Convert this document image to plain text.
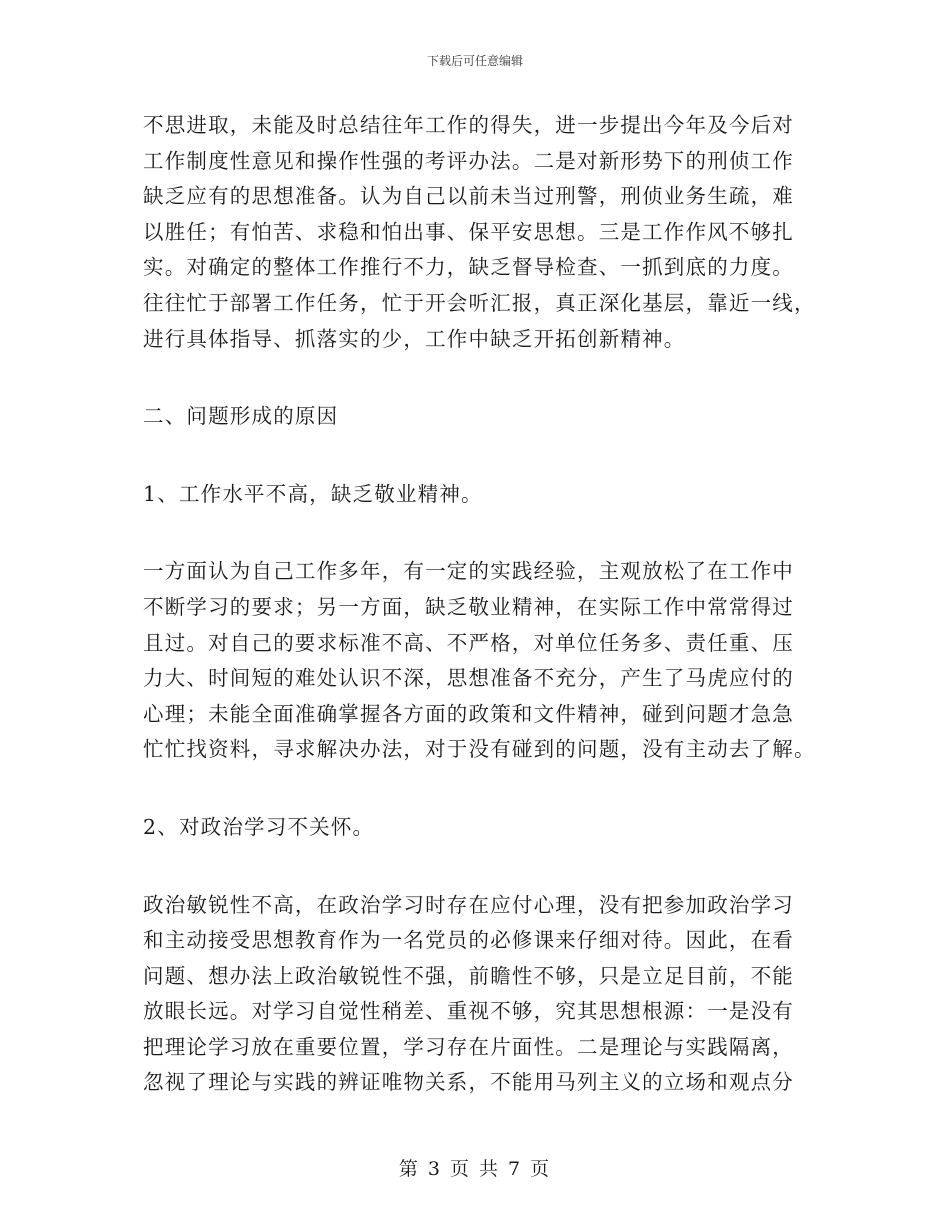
下载后可任意编辑
不思进取，未能及时总结往年工作的得失，进一步提出今年及今后对
工作制度性意见和操作性强的考评办法。二是对新形势下的刑侦工作
缺乏应有的思想准备。认为自己以前未当过刑警，刑侦业务生疏，难
以胜任；有怕苦、求稳和怕出事、保平安思想。三是工作作风不够扎
实。对确定的整体工作推行不力，缺乏督导检查、一抓到底的力度。
往往忙于部署工作任务，忙于开会听汇报，真正深化基层，靠近一线，
进行具体指导、抓落实的少，工作中缺乏开拓创新精神。
二、问题形成的原因
1、工作水平不高，缺乏敬业精神。
一方面认为自己工作多年，有一定的实践经验，主观放松了在工作中
不断学习的要求；另一方面，缺乏敬业精神，在实际工作中常常得过
且过。对自己的要求标准不高、不严格，对单位任务多、责任重、压
力大、时间短的难处认识不深，思想准备不充分，产生了马虎应付的
心理；未能全面准确掌握各方面的政策和文件精神，碰到问题才急急
忙忙找资料，寻求解决办法，对于没有碰到的问题，没有主动去了解。
2、对政治学习不关怀。
政治敏锐性不高，在政治学习时存在应付心理，没有把参加政治学习
和主动接受思想教育作为一名党员的必修课来仔细对待。因此，在看
问题、想办法上政治敏锐性不强，前瞻性不够，只是立足目前，不能
放眼长远。对学习自觉性稍差、重视不够，究其思想根源：一是没有
把理论学习放在重要位置，学习存在片面性。二是理论与实践隔离，
忽视了理论与实践的辨证唯物关系，不能用马列主义的立场和观点分
第 3 页 共 7 页
